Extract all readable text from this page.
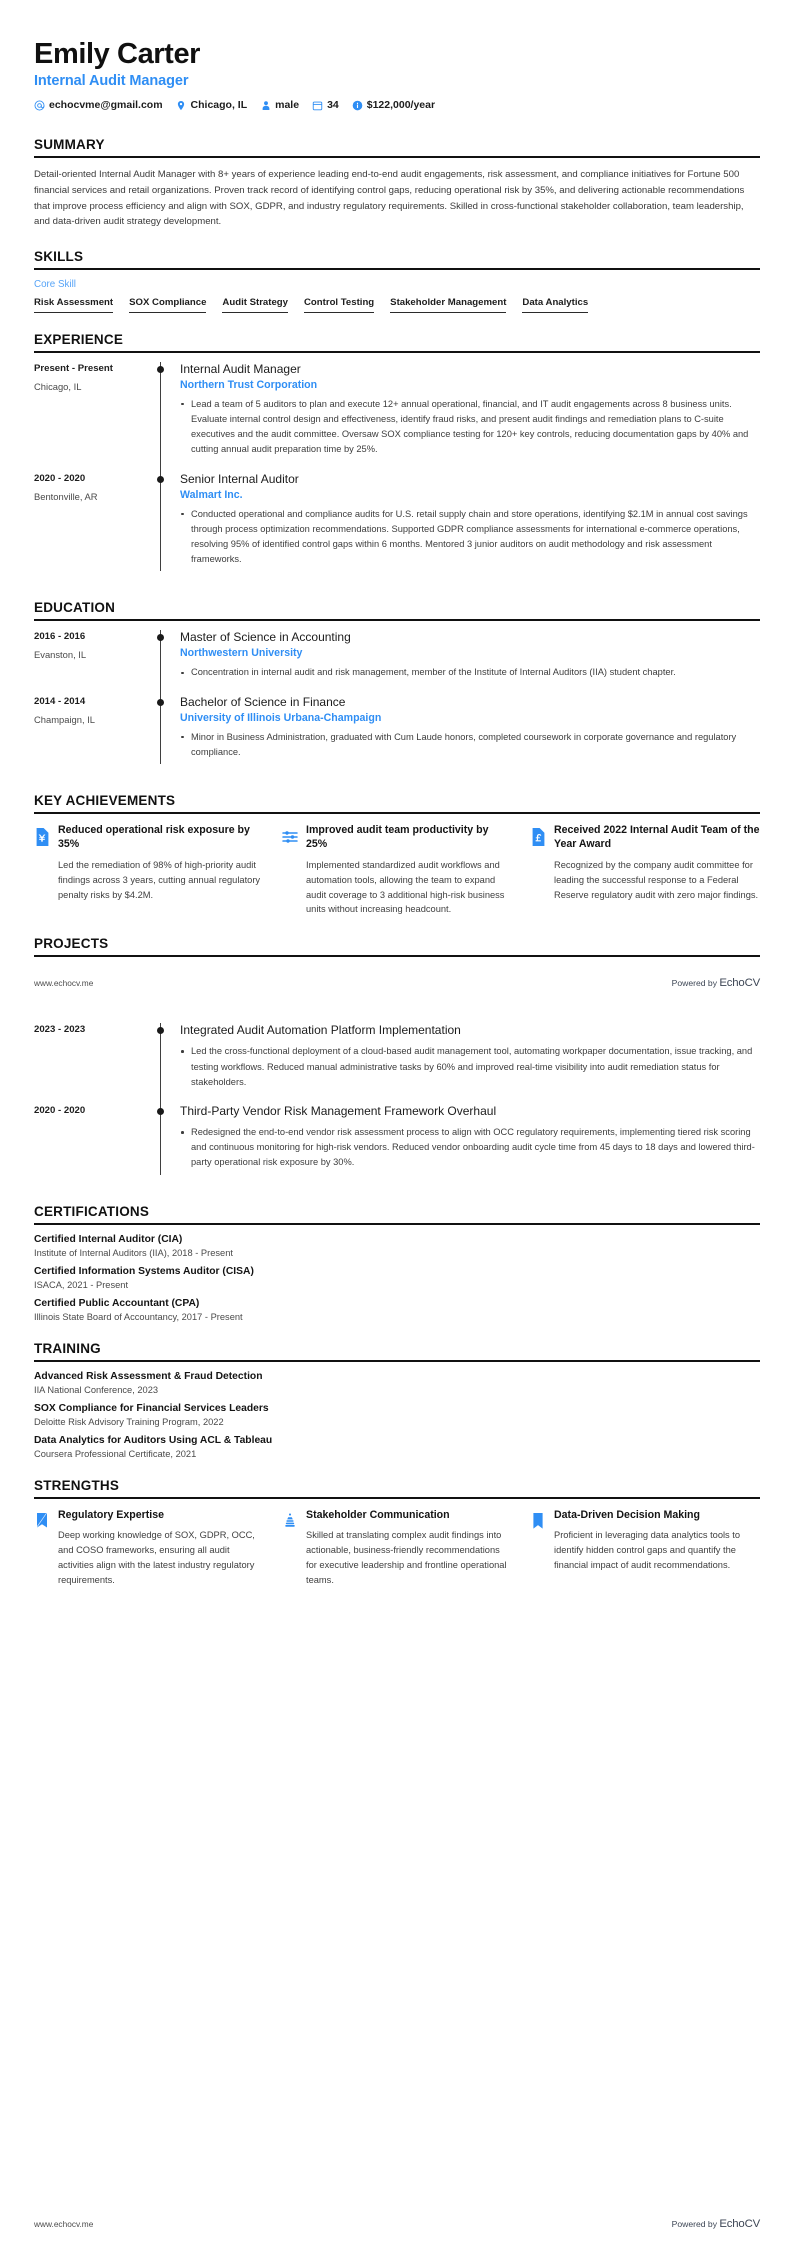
Emily Carter
Internal Audit Manager
echocvme@gmail.com	Chicago, IL	male	34	$122,000/year
SUMMARY
Detail-oriented Internal Audit Manager with 8+ years of experience leading end-to-end audit engagements, risk assessment, and compliance initiatives for Fortune 500 financial services and retail organizations. Proven track record of identifying control gaps, reducing operational risk by 35%, and delivering actionable recommendations that improve process efficiency and align with SOX, GDPR, and industry regulatory requirements. Skilled in cross-functional stakeholder collaboration, team leadership, and data-driven audit strategy development.
SKILLS
Core Skill
Risk Assessment SOX Compliance Audit Strategy Control Testing Stakeholder Management Data Analytics
EXPERIENCE
Present - Present
Chicago, IL
Internal Audit Manager
Northern Trust Corporation
Lead a team of 5 auditors to plan and execute 12+ annual operational, financial, and IT audit engagements across 8 business units. Evaluate internal control design and effectiveness, identify fraud risks, and present audit findings and remediation plans to C-suite executives and the audit committee. Oversaw SOX compliance testing for 120+ key controls, reducing documentation gaps by 40% and cutting annual audit preparation time by 25%.
2020 - 2020
Bentonville, AR
Senior Internal Auditor
Walmart Inc.
Conducted operational and compliance audits for U.S. retail supply chain and store operations, identifying $2.1M in annual cost savings through process optimization recommendations. Supported GDPR compliance assessments for international e-commerce operations, resolving 95% of identified control gaps within 6 months. Mentored 3 junior auditors on audit methodology and risk assessment frameworks.
EDUCATION
2016 - 2016
Evanston, IL
Master of Science in Accounting
Northwestern University
Concentration in internal audit and risk management, member of the Institute of Internal Auditors (IIA) student chapter.
2014 - 2014
Champaign, IL
Bachelor of Science in Finance
University of Illinois Urbana-Champaign
Minor in Business Administration, graduated with Cum Laude honors, completed coursework in corporate governance and regulatory compliance.
KEY ACHIEVEMENTS
Reduced operational risk exposure by 35%
Led the remediation of 98% of high-priority audit findings across 3 years, cutting annual regulatory penalty risks by $4.2M.
Improved audit team productivity by 25%
Implemented standardized audit workflows and automation tools, allowing the team to expand audit coverage to 3 additional high-risk business units without increasing headcount.
Received 2022 Internal Audit Team of the Year Award
Recognized by the company audit committee for leading the successful response to a Federal Reserve regulatory audit with zero major findings.
PROJECTS
www.echocv.me	Powered by EchoCV
2023 - 2023	Integrated Audit Automation Platform Implementation
Led the cross-functional deployment of a cloud-based audit management tool, automating workpaper documentation, issue tracking, and testing workflows. Reduced manual administrative tasks by 60% and improved real-time visibility into audit remediation status for stakeholders.
2020 - 2020	Third-Party Vendor Risk Management Framework Overhaul
Redesigned the end-to-end vendor risk assessment process to align with OCC regulatory requirements, implementing tiered risk scoring and continuous monitoring for high-risk vendors. Reduced vendor onboarding audit cycle time from 45 days to 18 days and lowered third-party operational risk exposure by 30%.
CERTIFICATIONS
Certified Internal Auditor (CIA)
Institute of Internal Auditors (IIA), 2018 - Present
Certified Information Systems Auditor (CISA)
ISACA, 2021 - Present
Certified Public Accountant (CPA)
Illinois State Board of Accountancy, 2017 - Present
TRAINING
Advanced Risk Assessment & Fraud Detection
IIA National Conference, 2023
SOX Compliance for Financial Services Leaders
Deloitte Risk Advisory Training Program, 2022
Data Analytics for Auditors Using ACL & Tableau
Coursera Professional Certificate, 2021
STRENGTHS
Regulatory Expertise
Deep working knowledge of SOX, GDPR, OCC, and COSO frameworks, ensuring all audit activities align with the latest industry regulatory requirements.
Stakeholder Communication
Skilled at translating complex audit findings into actionable, business-friendly recommendations for executive leadership and frontline operational teams.
Data-Driven Decision Making
Proficient in leveraging data analytics tools to identify hidden control gaps and quantify the financial impact of audit recommendations.
www.echocv.me	Powered by EchoCV
